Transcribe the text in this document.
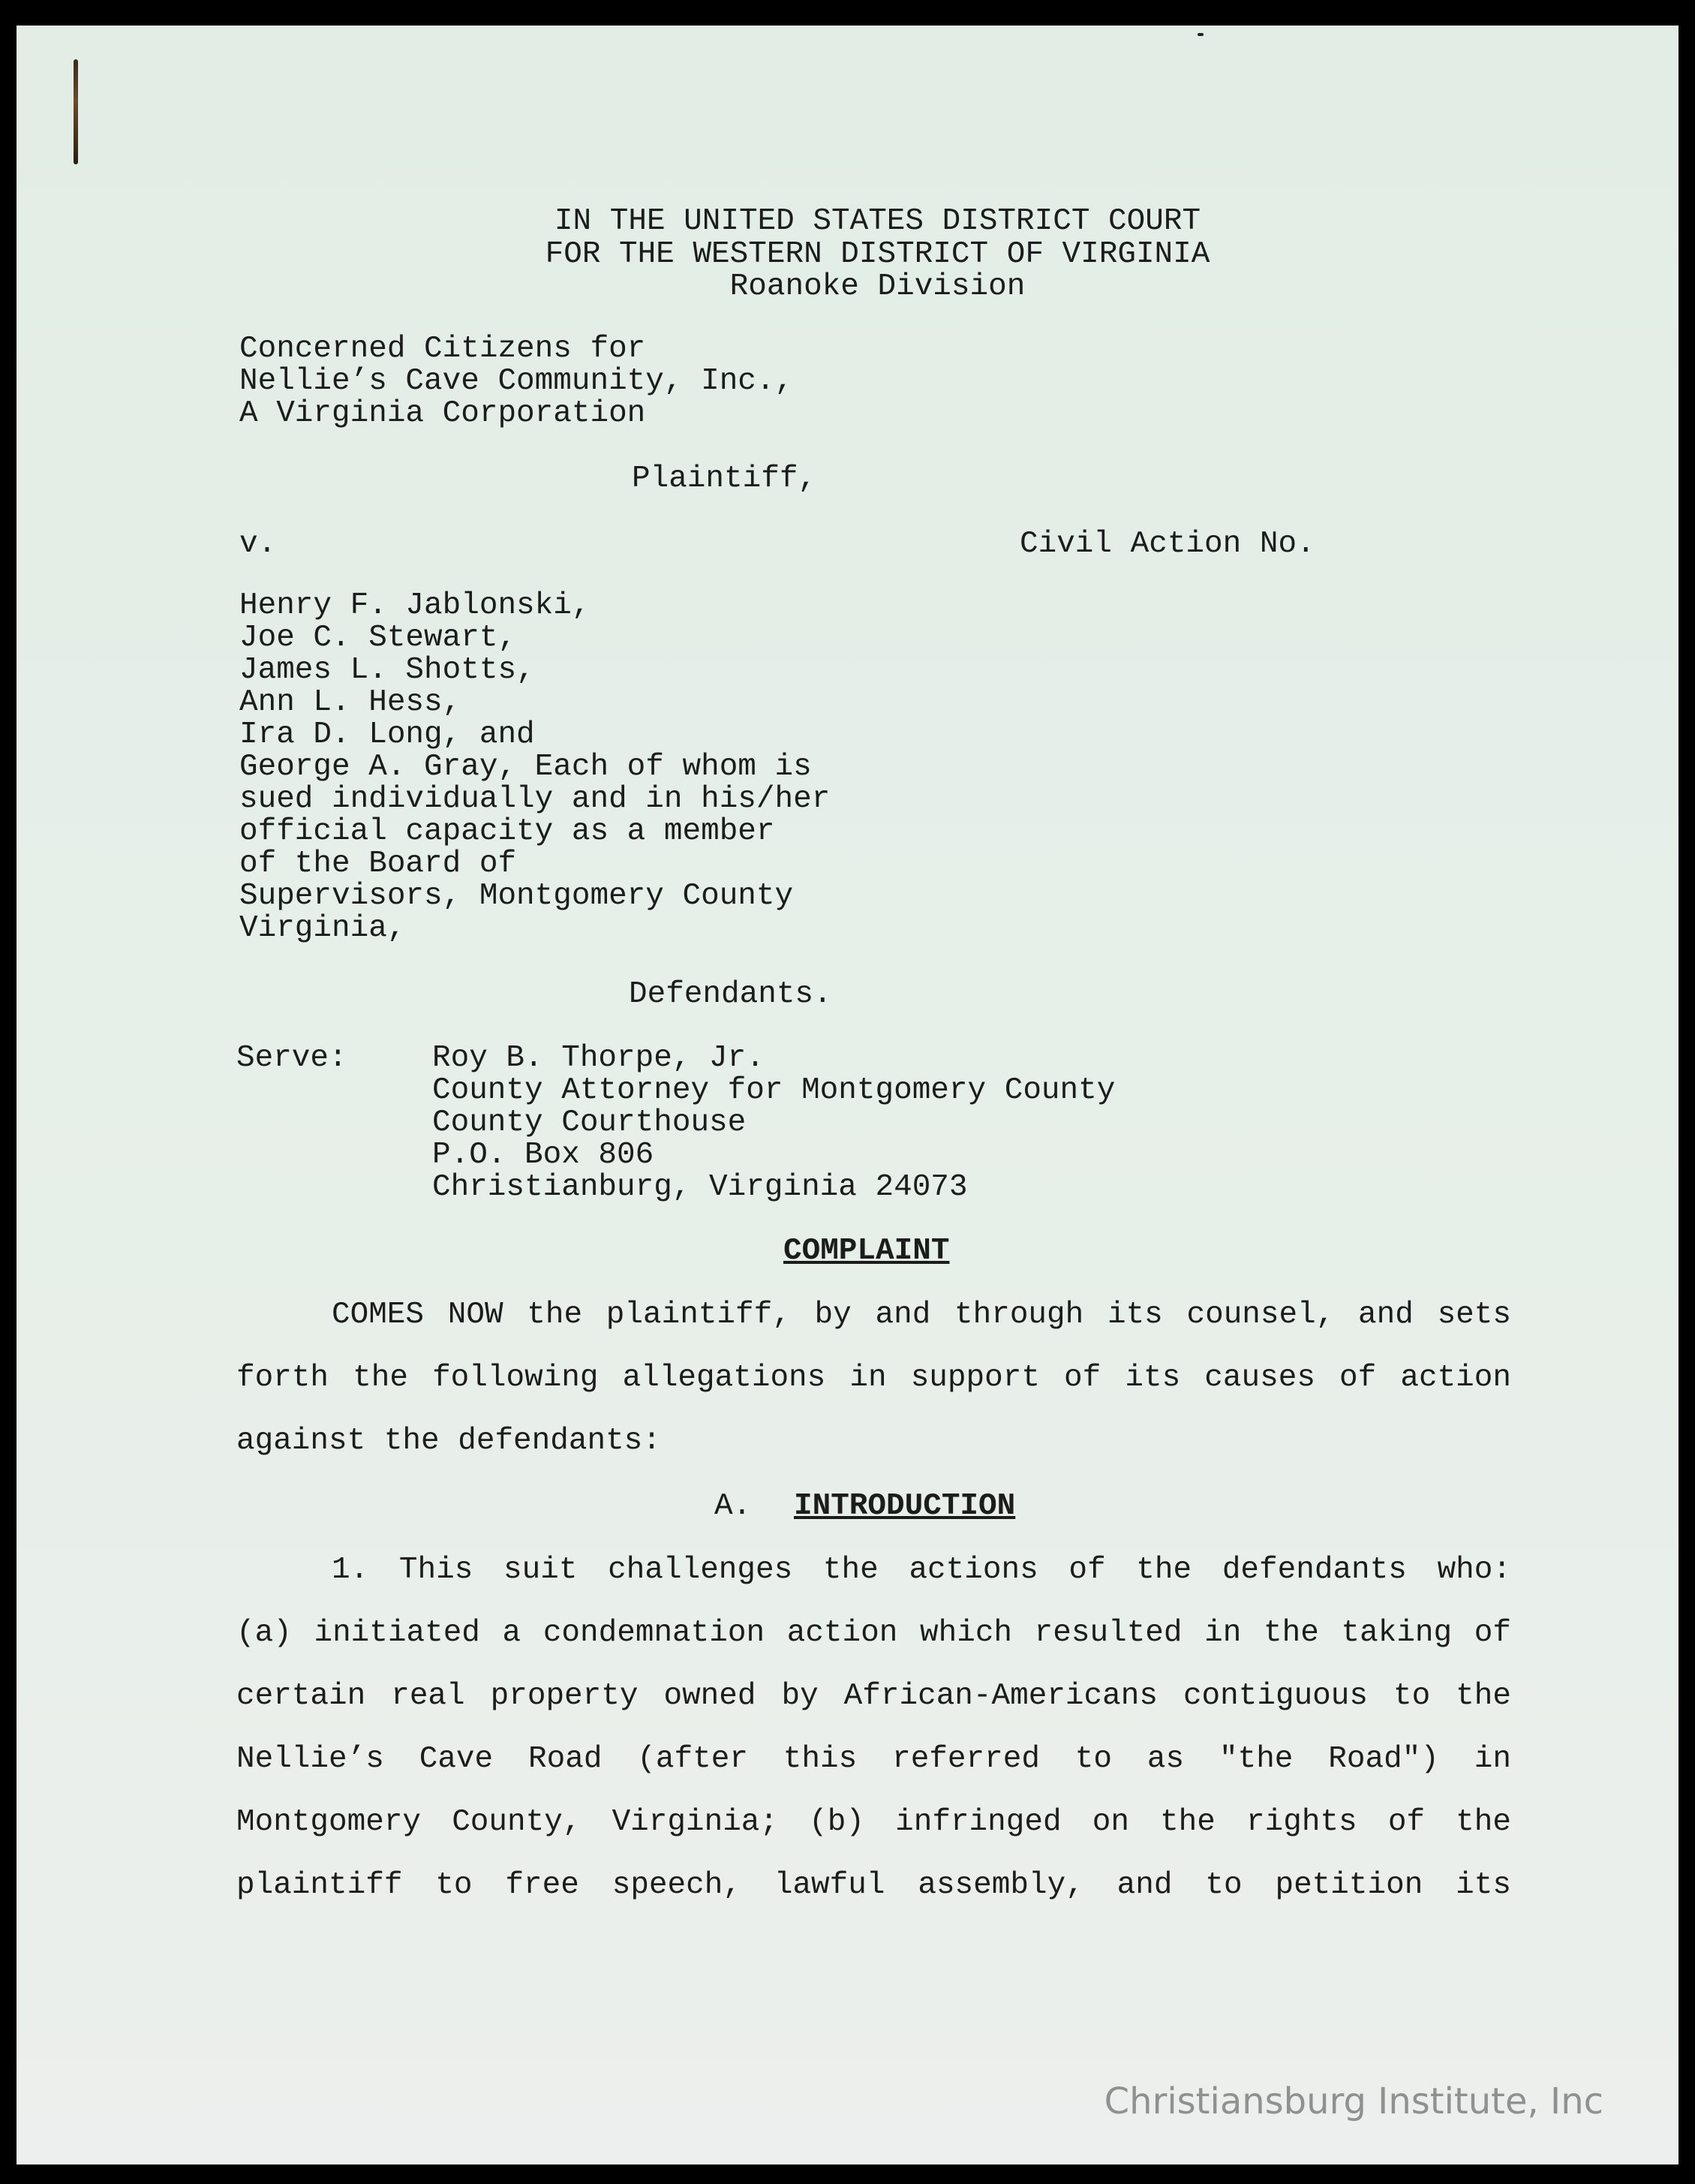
IN THE UNITED STATES DISTRICT COURT
FOR THE WESTERN DISTRICT OF VIRGINIA
Roanoke Division
Concerned Citizens for
Nellie’s Cave Community, Inc.,
A Virginia Corporation
Plaintiff,
v.	Civil Action No.
Henry F. Jablonski,
Joe C. Stewart,
James L. Shotts,
Ann L. Hess,
Ira D. Long, and
George A. Gray, Each of whom is
sued individually and in his/her
official capacity as a member
of the Board of
Supervisors, Montgomery County
Virginia,
Defendants.
Serve:	Roy B. Thorpe, Jr.
County Attorney for Montgomery County
County Courthouse
P.O. Box 806
Christianburg, Virginia 24073
COMPLAINT
COMES NOW the plaintiff, by and through its counsel, and sets
forth the following allegations in support of its causes of action
against the defendants:
A. INTRODUCTION
1. This suit challenges the actions of the defendants who:
(a) initiated a condemnation action which resulted in the taking of
certain real property owned by African-Americans contiguous to the
Nellie’s Cave Road (after this referred to as "the Road") in
Montgomery County, Virginia; (b) infringed on the rights of the
plaintiff to free speech, lawful assembly, and to petition its
Christiansburg Institute, Inc
